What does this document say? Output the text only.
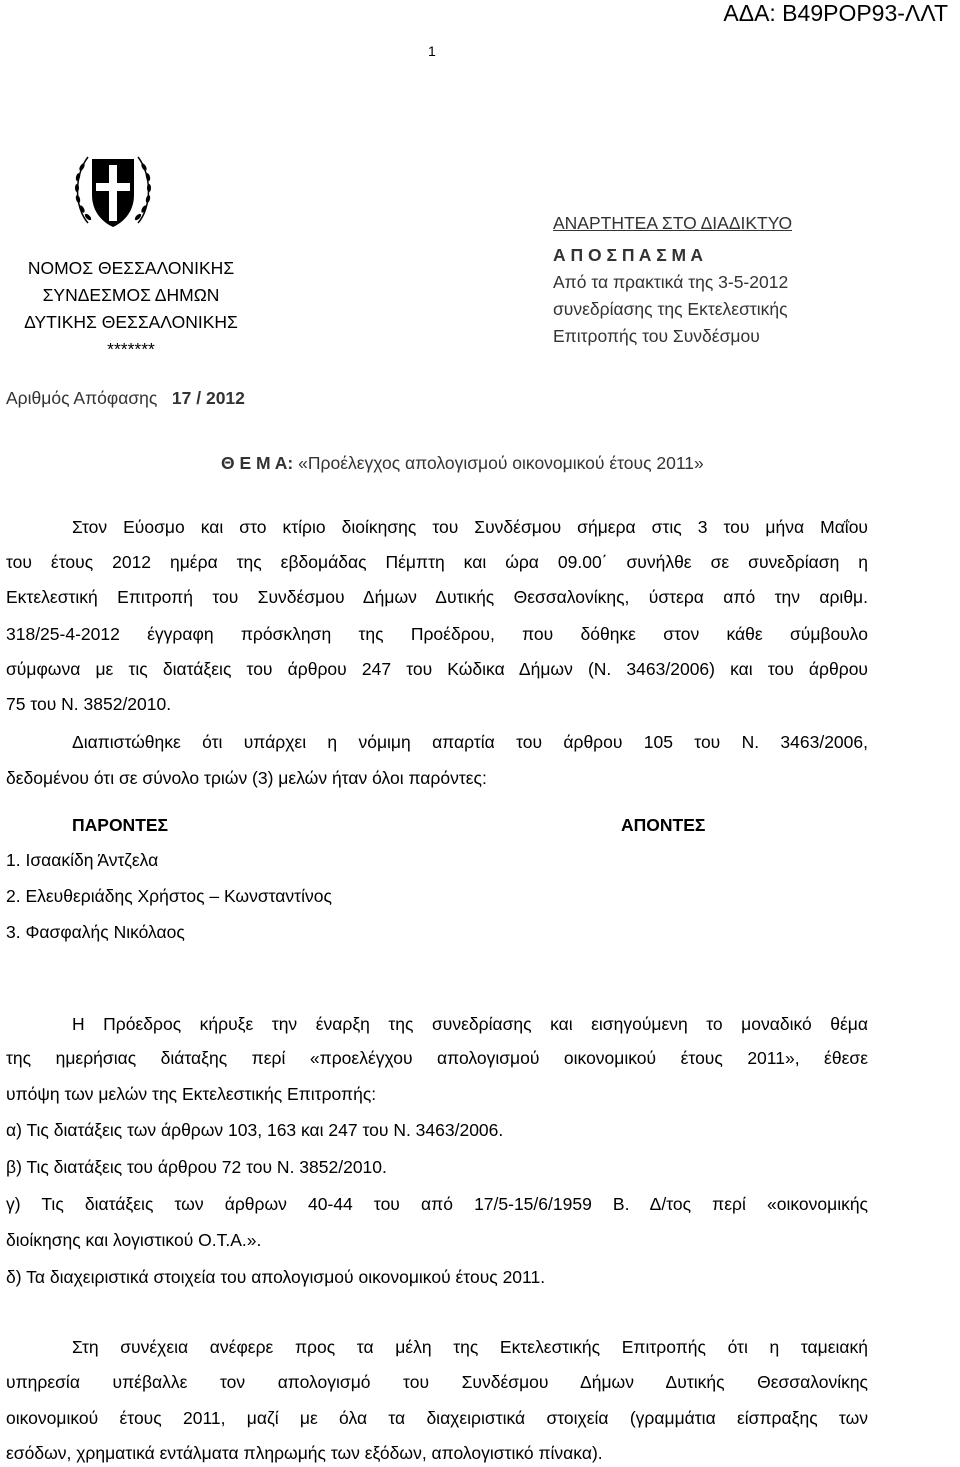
ΑΔΑ: Β49ΡΟΡ93-ΛΛΤ
1
ΝΟΜΟΣ ΘΕΣΣΑΛΟΝΙΚΗΣ
ΣΥΝΔΕΣΜΟΣ ΔΗΜΩΝ
ΔΥΤΙΚΗΣ ΘΕΣΣΑΛΟΝΙΚΗΣ
*******
ΑΝΑΡΤΗΤΕΑ ΣΤΟ ΔΙΑΔΙΚΤΥΟ
Α Π Ο Σ Π Α Σ Μ Α
Από τα πρακτικά της 3-5-2012
συνεδρίασης της Εκτελεστικής
Επιτροπής του Συνδέσμου
Αριθμός Απόφασης 17 / 2012
Θ Ε Μ Α: «Προέλεγχος απολογισμού οικονομικού έτους 2011»
Στον Εύοσμο και στο κτίριο διοίκησης του Συνδέσμου σήμερα στις 3 του μήνα Μαΐου
του έτους 2012 ημέρα της εβδομάδας Πέμπτη και ώρα 09.00΄ συνήλθε σε συνεδρίαση η
Εκτελεστική Επιτροπή του Συνδέσμου Δήμων Δυτικής Θεσσαλονίκης, ύστερα από την αριθμ.
318/25-4-2012 έγγραφη πρόσκληση της Προέδρου, που δόθηκε στον κάθε σύμβουλο
σύμφωνα με τις διατάξεις του άρθρου 247 του Κώδικα Δήμων (Ν. 3463/2006) και του άρθρου
75 του Ν. 3852/2010.
Διαπιστώθηκε ότι υπάρχει η νόμιμη απαρτία του άρθρου 105 του Ν. 3463/2006,
δεδομένου ότι σε σύνολο τριών (3) μελών ήταν όλοι παρόντες:
ΠΑΡΟΝΤΕΣ	ΑΠΟΝΤΕΣ
1. Ισαακίδη Άντζελα
2. Ελευθεριάδης Χρήστος – Κωνσταντίνος
3. Φασφαλής Νικόλαος
Η Πρόεδρος κήρυξε την έναρξη της συνεδρίασης και εισηγούμενη το μοναδικό θέμα
της ημερήσιας διάταξης περί «προελέγχου απολογισμού οικονομικού έτους 2011», έθεσε
υπόψη των μελών της Εκτελεστικής Επιτροπής:
α) Τις διατάξεις των άρθρων 103, 163 και 247 του Ν. 3463/2006.
β) Τις διατάξεις του άρθρου 72 του Ν. 3852/2010.
γ) Τις διατάξεις των άρθρων 40-44 του από 17/5-15/6/1959 Β. Δ/τος περί «οικονομικής
διοίκησης και λογιστικού Ο.Τ.Α.».
δ) Τα διαχειριστικά στοιχεία του απολογισμού οικονομικού έτους 2011.
Στη συνέχεια ανέφερε προς τα μέλη της Εκτελεστικής Επιτροπής ότι η ταμειακή
υπηρεσία υπέβαλλε τον απολογισμό του Συνδέσμου Δήμων Δυτικής Θεσσαλονίκης
οικονομικού έτους 2011, μαζί με όλα τα διαχειριστικά στοιχεία (γραμμάτια είσπραξης των
εσόδων, χρηματικά εντάλματα πληρωμής των εξόδων, απολογιστικό πίνακα).
